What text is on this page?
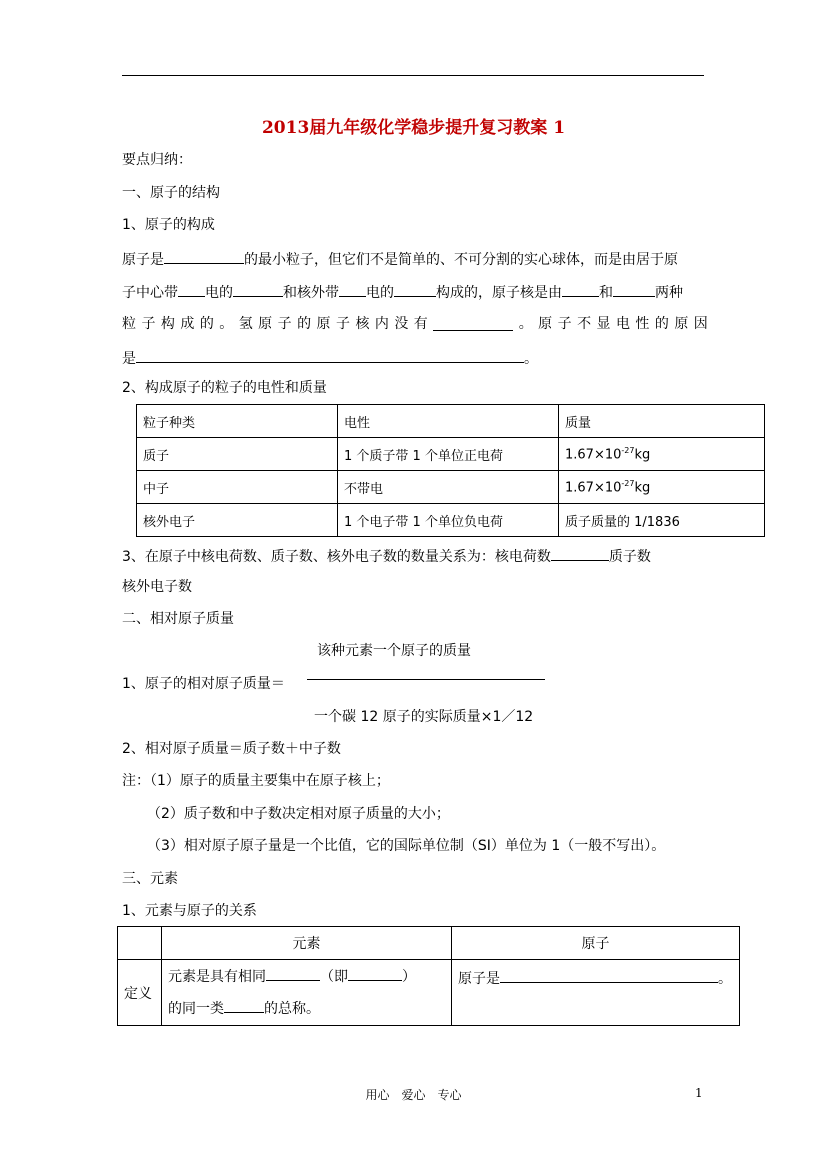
2013届九年级化学稳步提升复习教案 1
要点归纳：
一、原子的结构
1、原子的构成
原子是	的最小粒子，但它们不是简单的、不可分割的实心球体，而是由居于原
子中心带 电的	和核外带 电的	构成的，原子核是由	和	两种
粒 子 构 成 的 。 氢 原 子 的 原 子 核 内 没 有	。 原 子 不 显 电 性 的 原 因
是	。
2、构成原子的粒子的电性和质量
粒子种类	电性	质量
质子	1 个质子带 1 个单位正电荷	$1.67\times 10^{-27}kg$
中子	不带电	$1.67\times 10^{-27}kg$
核外电子	1 个电子带 1 个单位负电荷	质子质量的 1/1836
3、在原子中核电荷数、质子数、核外电子数的数量关系为：核电荷数	质子数
核外电子数
二、相对原子质量
该种元素一个原子的质量
1、原子的相对原子质量＝
一个碳 12 原子的实际质量×1／12
2、相对原子质量＝质子数＋中子数
注：（1）原子的质量主要集中在原子核上；
（2）质子数和中子数决定相对原子质量的大小；
（3）相对原子原子量是一个比值，它的国际单位制（SI）单位为 1（一般不写出）。
三、元素
1、元素与原子的关系
	元素	原子
定义	元素是具有相同 （即 ）
的同一类 的总称。	原子是 。
用心　爱心　专心	1
